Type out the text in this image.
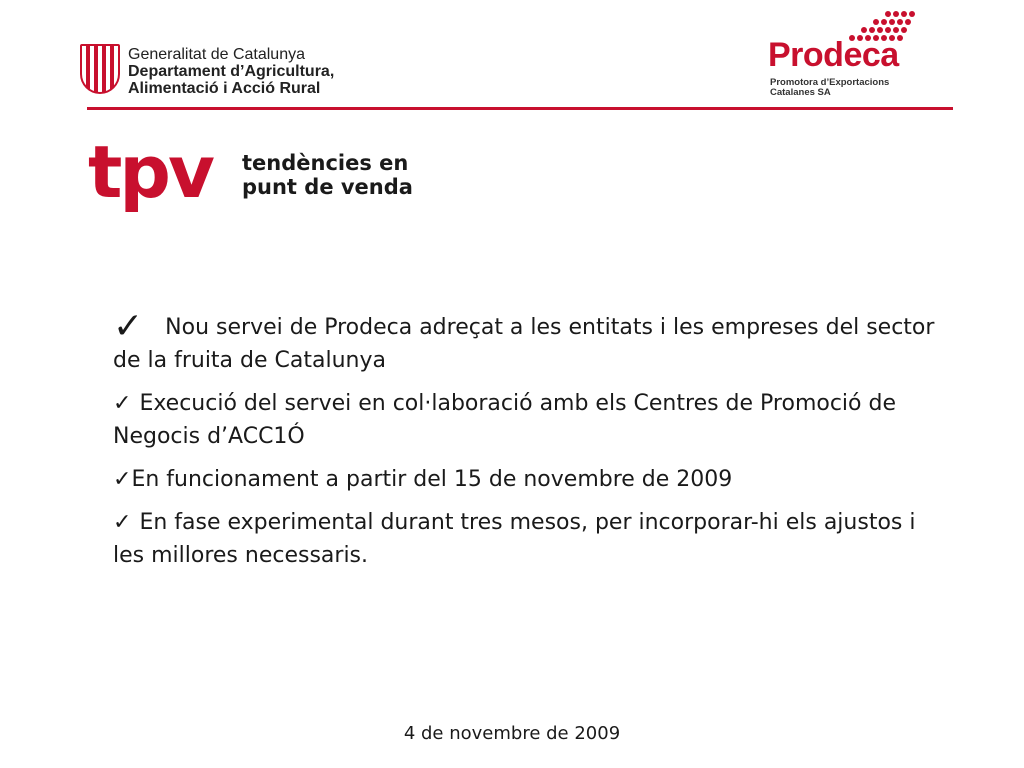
Generalitat de Catalunya
Departament d’Agricultura,
Alimentació i Acció Rural
Prodeca
Promotora d’Exportacions
Catalanes SA
tpv tendències en
punt de venda
✓ Nou servei de Prodeca adreçat a les entitats i les empreses del sector de la fruita de Catalunya
✓ Execució del servei en col·laboració amb els Centres de Promoció de Negocis d’ACC1Ó
✓En funcionament a partir del 15 de novembre de 2009
✓ En fase experimental durant tres mesos, per incorporar-hi els ajustos i les millores necessaris.
4 de novembre de 2009
